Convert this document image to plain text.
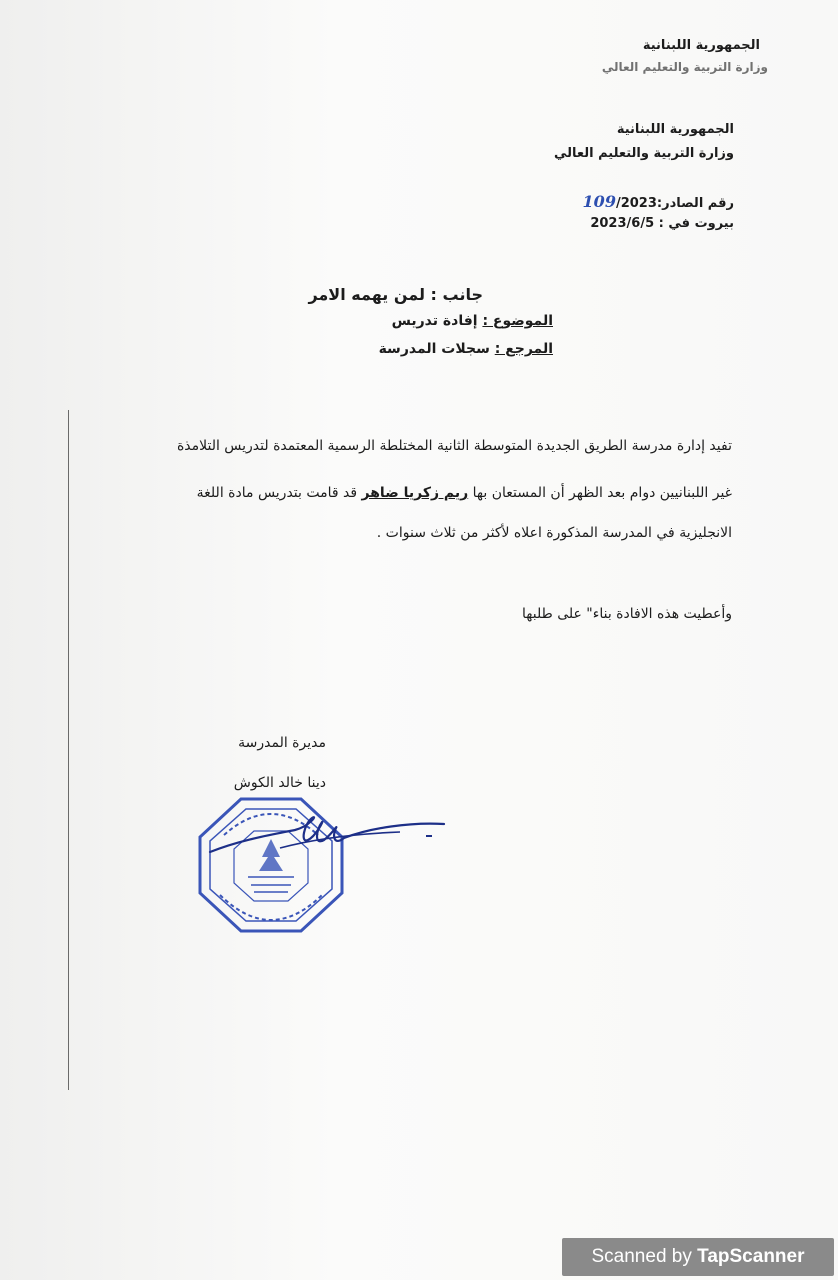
الجمهورية اللبنانية
وزارة التربية والتعليم العالي
الجمهورية اللبنانية
وزارة التربية والتعليم العالي
رقم الصادر:109/2023
بيروت في : 2023/6/5
جانب : لمن يهمه الامر
الموضوع : إفادة تدريس
المرجع : سجلات المدرسة
تفيد إدارة مدرسة الطريق الجديدة المتوسطة الثانية المختلطة الرسمية المعتمدة لتدريس التلامذة
غير اللبنانيين دوام بعد الظهر أن المستعان بها ريم زكريا ضاهر قد قامت بتدريس مادة اللغة
الانجليزية في المدرسة المذكورة اعلاه لأكثر من ثلاث سنوات .
وأعطيت هذه الافادة بناء" على طلبها
مديرة المدرسة
دينا خالد الكوش
Scanned by TapScanner
